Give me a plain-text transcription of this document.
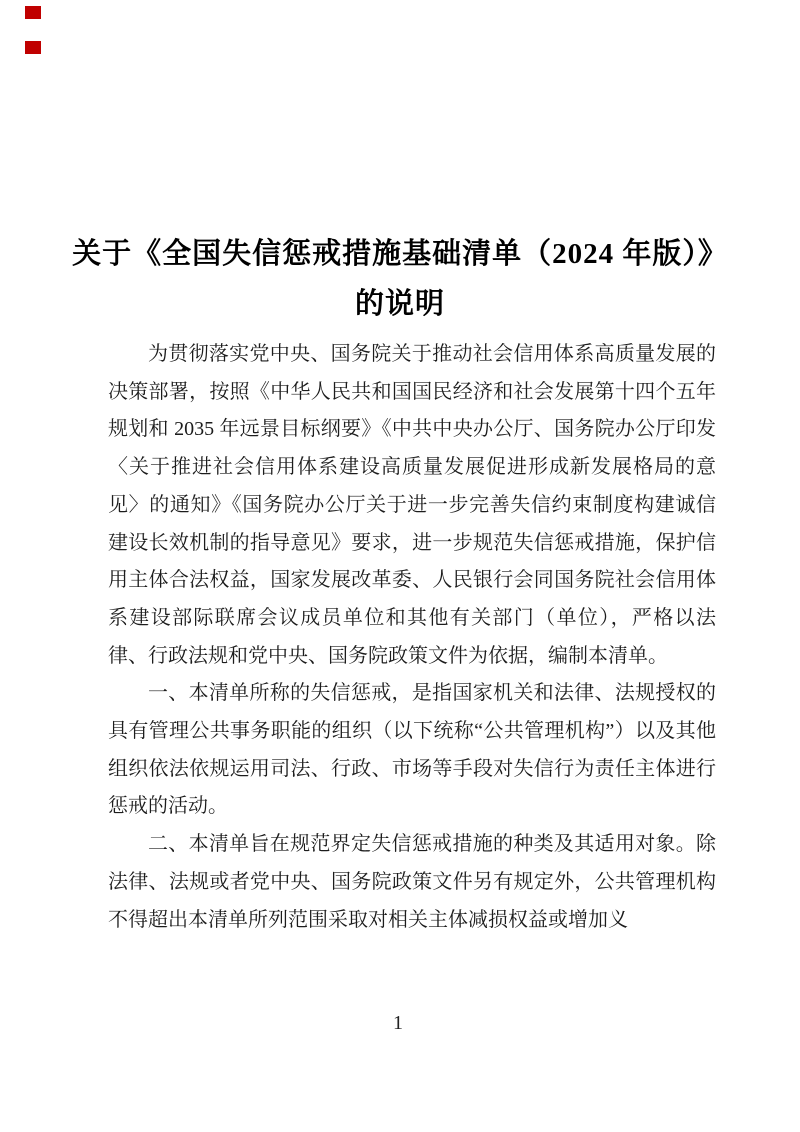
关于《全国失信惩戒措施基础清单（2024 年版）》
的说明

为贯彻落实党中央、国务院关于推动社会信用体系高质量发展的决策部署，按照《中华人民共和国国民经济和社会发展第十四个五年规划和 2035 年远景目标纲要》《中共中央办公厅、国务院办公厅印发〈关于推进社会信用体系建设高质量发展促进形成新发展格局的意见〉的通知》《国务院办公厅关于进一步完善失信约束制度构建诚信建设长效机制的指导意见》要求，进一步规范失信惩戒措施，保护信用主体合法权益，国家发展改革委、人民银行会同国务院社会信用体系建设部际联席会议成员单位和其他有关部门（单位），严格以法律、行政法规和党中央、国务院政策文件为依据，编制本清单。

一、本清单所称的失信惩戒，是指国家机关和法律、法规授权的具有管理公共事务职能的组织（以下统称“公共管理机构”）以及其他组织依法依规运用司法、行政、市场等手段对失信行为责任主体进行惩戒的活动。

二、本清单旨在规范界定失信惩戒措施的种类及其适用对象。除法律、法规或者党中央、国务院政策文件另有规定外，公共管理机构不得超出本清单所列范围采取对相关主体减损权益或增加义

1
